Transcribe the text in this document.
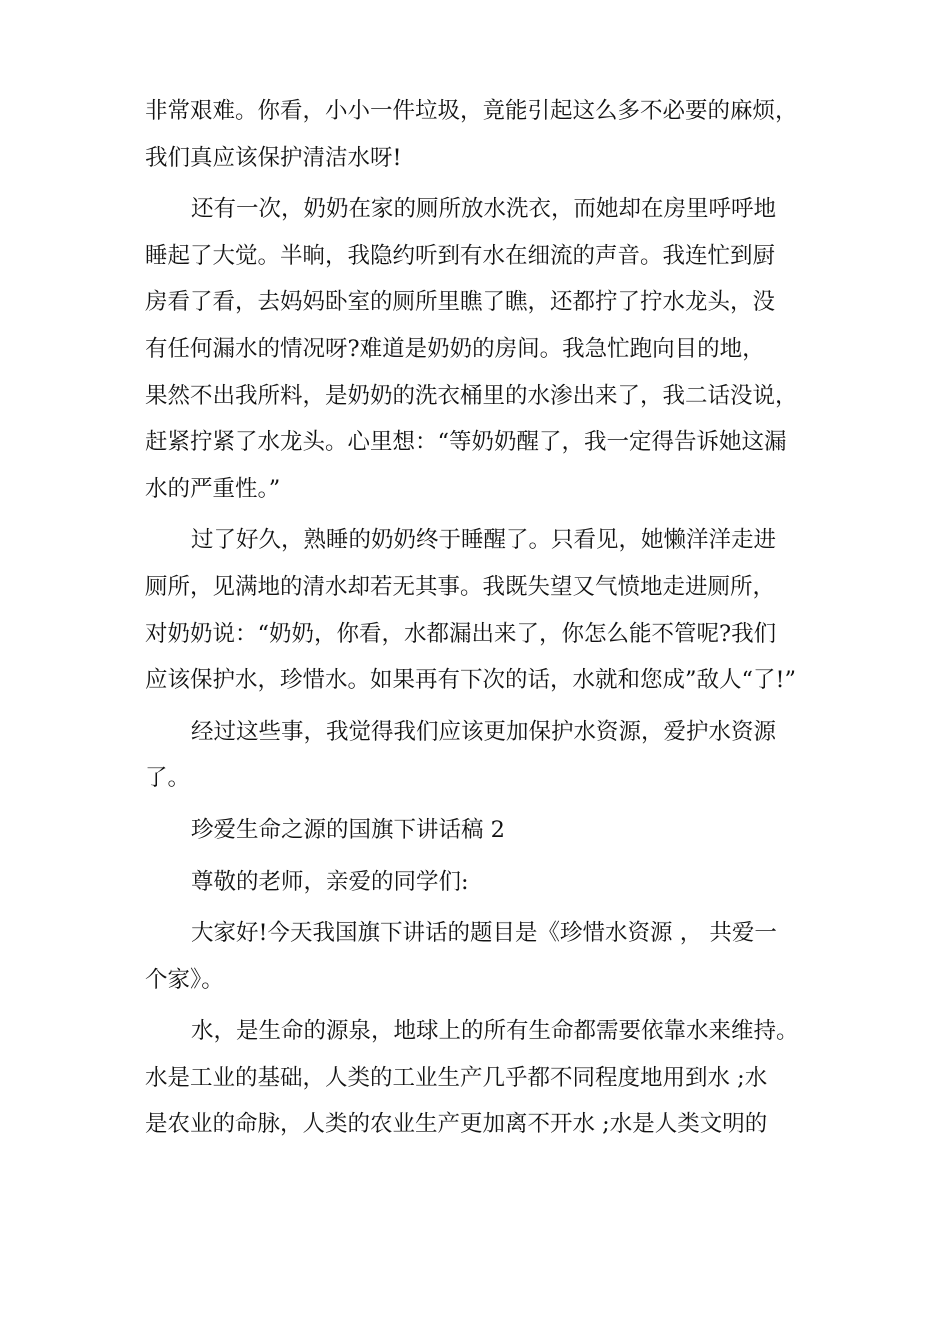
非常艰难。你看，小小一件垃圾，竟能引起这么多不必要的麻烦，
我们真应该保护清洁水呀!
还有一次，奶奶在家的厕所放水洗衣，而她却在房里呼呼地
睡起了大觉。半晌，我隐约听到有水在细流的声音。我连忙到厨
房看了看，去妈妈卧室的厕所里瞧了瞧，还都拧了拧水龙头，没
有任何漏水的情况呀?难道是奶奶的房间。我急忙跑向目的地，
果然不出我所料，是奶奶的洗衣桶里的水渗出来了，我二话没说，
赶紧拧紧了水龙头。心里想：“等奶奶醒了，我一定得告诉她这漏
水的严重性。”
过了好久，熟睡的奶奶终于睡醒了。只看见，她懒洋洋走进
厕所，见满地的清水却若无其事。我既失望又气愤地走进厕所，
对奶奶说：“奶奶，你看，水都漏出来了，你怎么能不管呢?我们
应该保护水，珍惜水。如果再有下次的话，水就和您成”敌人“了!”
经过这些事，我觉得我们应该更加保护水资源，爱护水资源
了。
珍爱生命之源的国旗下讲话稿 2
尊敬的老师，亲爱的同学们:
大家好!今天我国旗下讲话的题目是《珍惜水资源 ， 共爱一
个家》。
水，是生命的源泉，地球上的所有生命都需要依靠水来维持。
水是工业的基础，人类的工业生产几乎都不同程度地用到水 ;水
是农业的命脉，人类的农业生产更加离不开水 ;水是人类文明的
